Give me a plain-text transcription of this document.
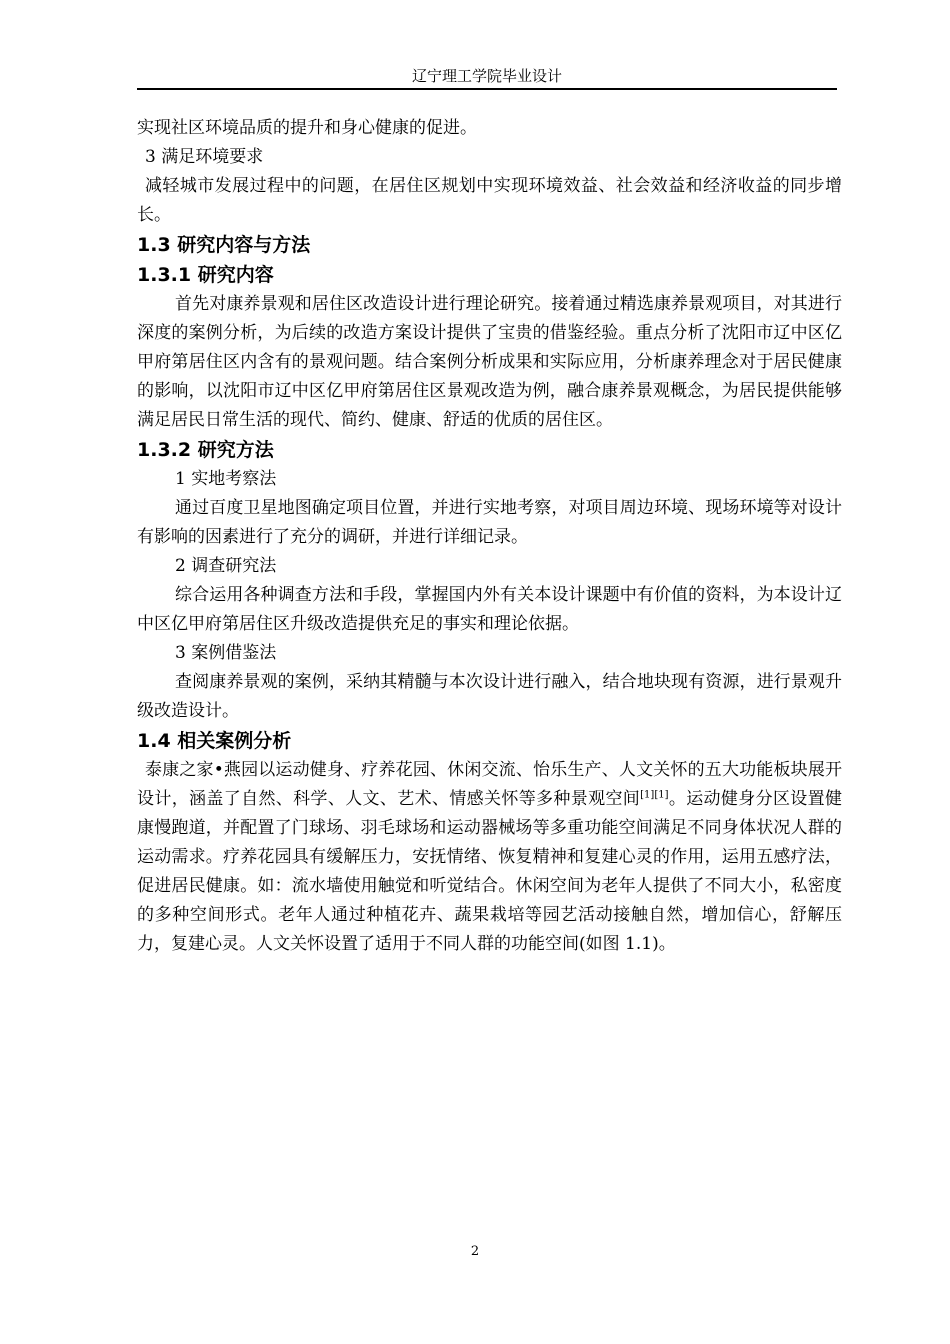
辽宁理工学院毕业设计

实现社区环境品质的提升和身心健康的促进。

3 满足环境要求

减轻城市发展过程中的问题，在居住区规划中实现环境效益、社会效益和经济收益的同步增长。

1.3 研究内容与方法
1.3.1 研究内容

首先对康养景观和居住区改造设计进行理论研究。接着通过精选康养景观项目，对其进行深度的案例分析，为后续的改造方案设计提供了宝贵的借鉴经验。重点分析了沈阳市辽中区亿甲府第居住区内含有的景观问题。结合案例分析成果和实际应用，分析康养理念对于居民健康的影响，以沈阳市辽中区亿甲府第居住区景观改造为例，融合康养景观概念，为居民提供能够满足居民日常生活的现代、简约、健康、舒适的优质的居住区。

1.3.2 研究方法

1 实地考察法

通过百度卫星地图确定项目位置，并进行实地考察，对项目周边环境、现场环境等对设计有影响的因素进行了充分的调研，并进行详细记录。

2 调查研究法

综合运用各种调查方法和手段，掌握国内外有关本设计课题中有价值的资料，为本设计辽中区亿甲府第居住区升级改造提供充足的事实和理论依据。

3 案例借鉴法

查阅康养景观的案例，采纳其精髓与本次设计进行融入，结合地块现有资源，进行景观升级改造设计。

1.4 相关案例分析

泰康之家•燕园以运动健身、疗养花园、休闲交流、怡乐生产、人文关怀的五大功能板块展开设计，涵盖了自然、科学、人文、艺术、情感关怀等多种景观空间[1][1]。运动健身分区设置健康慢跑道，并配置了门球场、羽毛球场和运动器械场等多重功能空间满足不同身体状况人群的运动需求。疗养花园具有缓解压力，安抚情绪、恢复精神和复建心灵的作用，运用五感疗法，促进居民健康。如：流水墙使用触觉和听觉结合。休闲空间为老年人提供了不同大小，私密度的多种空间形式。老年人通过种植花卉、蔬果栽培等园艺活动接触自然，增加信心，舒解压力，复建心灵。人文关怀设置了适用于不同人群的功能空间(如图 1.1)。

2
